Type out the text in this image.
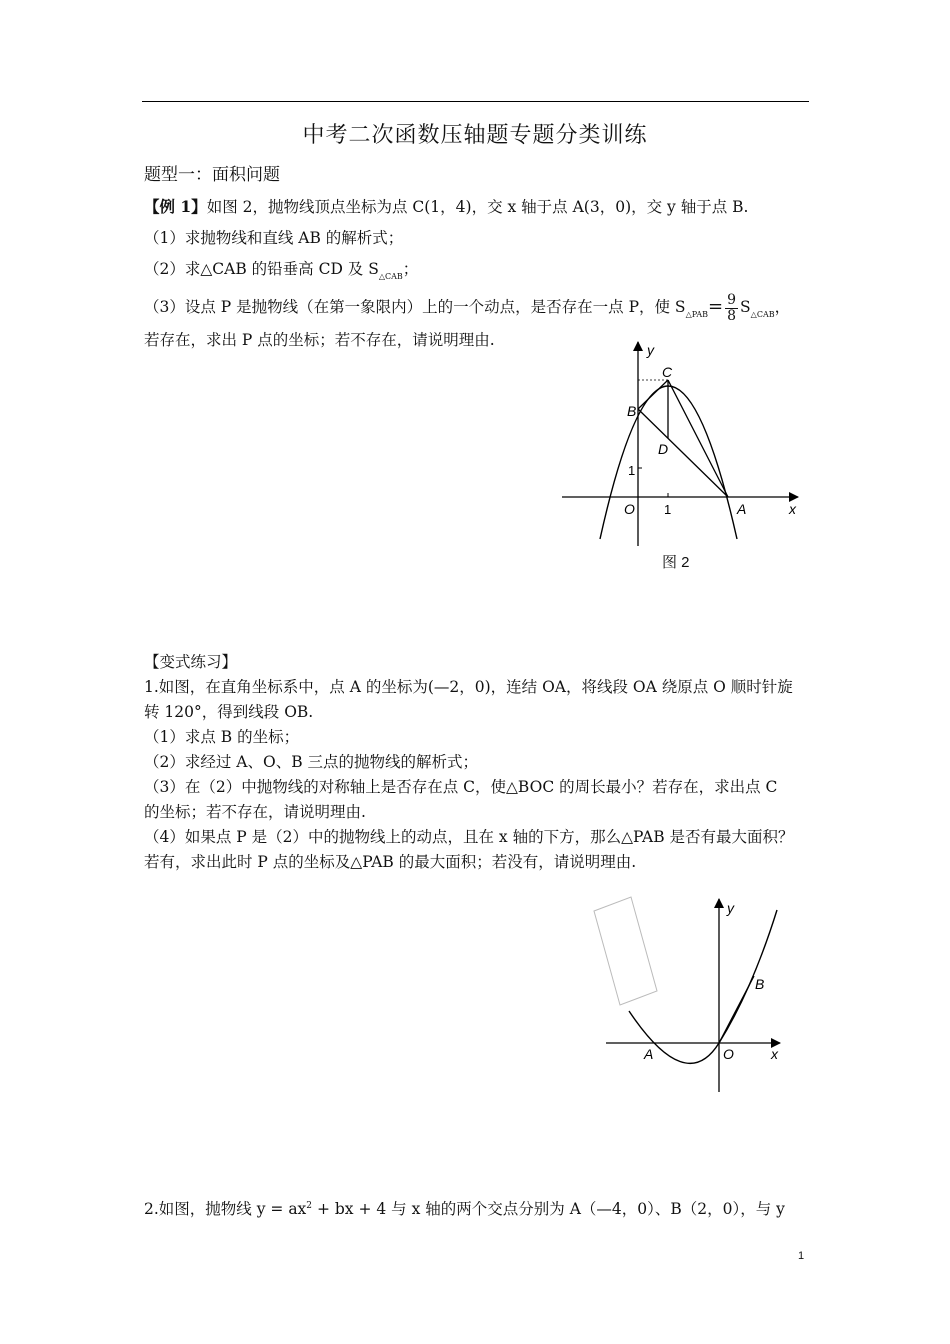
中考二次函数压轴题专题分类训练
题型一：面积问题
【例 1】如图 2，抛物线顶点坐标为点 C(1，4)，交 x 轴于点 A(3，0)，交 y 轴于点 B.
（1）求抛物线和直线 AB 的解析式；
（2）求△CAB 的铅垂高 CD 及 $S_{\triangle CAB}$；
（3）设点 P 是抛物线（在第一象限内）上的一个动点，是否存在一点 P，使 $S_{\triangle PAB}= \frac{9}{8} S_{\triangle CAB}$，
若存在，求出 P 点的坐标；若不存在，请说明理由.
y
C
B
D
1
O 1	A	x
图 2
【变式练习】
1.如图，在直角坐标系中，点 A 的坐标为(—2，0)，连结 OA，将线段 OA 绕原点 O 顺时针旋
转 120°，得到线段 OB.
（1）求点 B 的坐标；
（2）求经过 A、O、B 三点的抛物线的解析式；
（3）在（2）中抛物线的对称轴上是否存在点 C，使△BOC 的周长最小？若存在，求出点 C
的坐标；若不存在，请说明理由.
（4）如果点 P 是（2）中的抛物线上的动点，且在 x 轴的下方，那么△PAB 是否有最大面积？
若有，求出此时 P 点的坐标及△PAB 的最大面积；若没有，请说明理由.
y
B
A	O	x
2.如图，抛物线 $y = ax^2$ + bx + 4 与 x 轴的两个交点分别为 A（—4，0）、B（2，0），与 y
1
